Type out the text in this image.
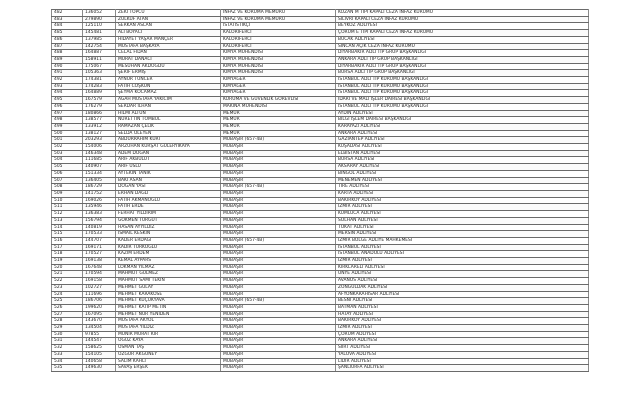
482	136052	ZEKİ TOPCU	İNFAZ VE KORUMA MEMURU	KOZAN M TİPİ KAPALI CEZA İNFAZ KURUMU
483	279890	ZÜLKÜF ATAN	İNFAZ VE KORUMA MEMURU	SİLİVRİ KAPALI CEZA İNFAZ KURUMU
484	125110	SERKAN ASLAN	İSTATİSTİKÇİ	BEYKOZ ADLİYESİ
485	145481	ALİ BOYACI	KALORİFERCİ	ÇORUM E TİPİ KAPALI CEZA İNFAZ KURUMU
486	137985	HİDAYET YAŞAR MANÇER	KALORİFERCİ	BUCAK ADLİYESİ
487	142754	MUSTAFA BAŞKAYA	KALORİFERCİ	SİNCAN AÇIK CEZA İNFAZ KURUMU
488	164887	CELAL FİDAN	KİMYA MÜHENDİSİ	DİYARBAKIR ADLİ TIP GRUP BAŞKANLIĞI
489	158911	MURAT DANACI	KİMYA MÜHENDİSİ	ANKARA ADLİ TIP GRUP BAŞKANLIĞI
490	175067	MESUHAN AKDOĞDU	KİMYA MÜHENDİSİ	DİYARBAKIR ADLİ TIP GRUP BAŞKANLIĞI
491	105363	ŞERİF ERMİŞ	KİMYA MÜHENDİSİ	BURSA ADLİ TIP GRUP BAŞKANLIĞI
492	174381	AYNUR TUNCER	KİMYAGER	İSTANBUL ADLİ TIP KURUMU BAŞKANLIĞI
493	174283	FATİH COŞKUN	KİMYAGER	İSTANBUL ADLİ TIP KURUMU BAŞKANLIĞI
494	164889	ŞEYMA KOCAMAZ	KİMYAGER	İSTANBUL ADLİ TIP KURUMU BAŞKANLIĞI
495	167579	AGAH MUSTAFA YAKICIM	KORUMA VE GÜVENLİK GÖREVLİSİ	İDARİ VE MALİ İŞLER DAİRESİ BAŞKANLIĞI
496	176279	SERDAR İLHAN	MAKİNA MÜHENDİSİ	İSTANBUL ADLİ TIP KURUMU BAŞKANLIĞI
497	180866	HİLMİ ALTUN	MEMUR	AYDIN ADLİYESİ
498	138577	NURETTİN TOMBUL	MEMUR	BİLGİ İŞLEM DAİRESİ BAŞKANLIĞI
499	133912	RAMAZAN ÇELİK	MEMUR	KARAYAZI ADLİYESİ
500	138127	SELDA ÖLEYEN	MEMUR	ANKARA ADLİYESİ
501	203293	ABDURRAHİM KURT	MUBAŞİR (657-4B)	GAZİANTEP ADLİYESİ
502	154006	ARZUHAN KÜRŞAT GÜLERYİKAYA	MUBAŞİR	KUŞADASI ADLİYESİ
503	146348	ADEM DOĞAN	MUBAŞİR	ELBİSTAN ADLİYESİ
504	111685	ARİF AKBULUT	MUBAŞİR	BURSA ADLİYESİ
505	140907	ARİF USLU	MUBAŞİR	AKSARAY ADLİYESİ
506	151334	AYTEKİN TANIK	MUBAŞİR	BİNGÖL ADLİYESİ
507	136405	BAKİ ASAN	MUBAŞİR	MENEMEN ADLİYESİ
508	186729	DOĞAN YASI	MUBAŞİR (657-4B)	TİRE ADLİYESİ
509	141752	ERHAN DAĞLI	MUBAŞİR	KARTA ADLİYESİ
510	169026	FATİH AKMANOĞLU	MUBAŞİR	BAKIRKÖY ADLİYESİ
511	135946	FATİH ERDE	MUBAŞİR	İZMİR ADLİYESİ
512	136383	FERHAT YILDIRIM	MUBAŞİR	KUMLUCA ADLİYESİ
513	156794	GÖKMEN TURĞUT	MUBAŞİR	SOLHAN ADLİYESİ
514	140819	HASAN AYYILDIZ	MUBAŞİR	TOKAT ADLİYESİ
515	170533	İSMAİL KESKİN	MUBAŞİR	MERSİN ADLİYESİ
516	144707	KADER ERDAĞI	MUBAŞİR (657-4B)	İZMİR BÖLGE ADLİYE MAHKEMESİ
517	169171	KADİR TÜRKOĞLU	MUBAŞİR	İSTANBUL ADLİYESİ
518	170527	KAZIM ERDEM	MUBAŞİR	İSTANBUL ANADOLU ADLİYESİ
519	169138	KEMAL AYPARS	MUBAŞİR	İZMİR ADLİYESİ
520	167648	LOKMAN YILMAZ	MUBAŞİR	KIRKLARELİ ADLİYESİ
521	170594	MAHMUT GÜLMEZ	MUBAŞİR	ÜNYE ADLİYESİ
522	169158	MAHMUT SAMİ TEKİN	MUBAŞİR	AVANOS ADLİYESİ
523	102727	MEHMET GÜLAY	MUBAŞİR	ZONGULDAK ADLİYESİ
524	111696	MEHMET KARAKÖSE	MUBAŞİR	AFYONKARAHİSAR ADLİYESİ
525	186706	MEHMET KÜÇÜKYAVA	MUBAŞİR (657-4B)	BESNİ ADLİYESİ
526	199620	MEHMET KATİP METİN	MUBAŞİR	BATMAN ADLİYESİ
527	167095	MEHMET NUR YENİDEN	MUBAŞİR	HATAY ADLİYESİ
528	143670	MUSTAFA AKYOL	MUBAŞİR	BAKIRKÖY ADLİYESİ
529	134504	MUSTAFA YILDIZ	MUBAŞİR	İZMİR ADLİYESİ
530	97855	MÜNİR MURAT KIR	MUBAŞİR	ÇORUM ADLİYESİ
531	144547	OĞUZ KAYA	MUBAŞİR	ANKARA ADLİYESİ
532	158625	OSMAN TAŞ	MUBAŞİR	SİİRT ADLİYESİ
533	154105	ÖZGÜR AKGÜNEY	MUBAŞİR	YALOVA ADLİYESİ
534	140658	SALİM KAHLI	MUBAŞİR	LİDİR ADLİYESİ
535	149630	SAVAŞ ERŞEK	MUBAŞİR	ŞANLIURFA ADLİYESİ
